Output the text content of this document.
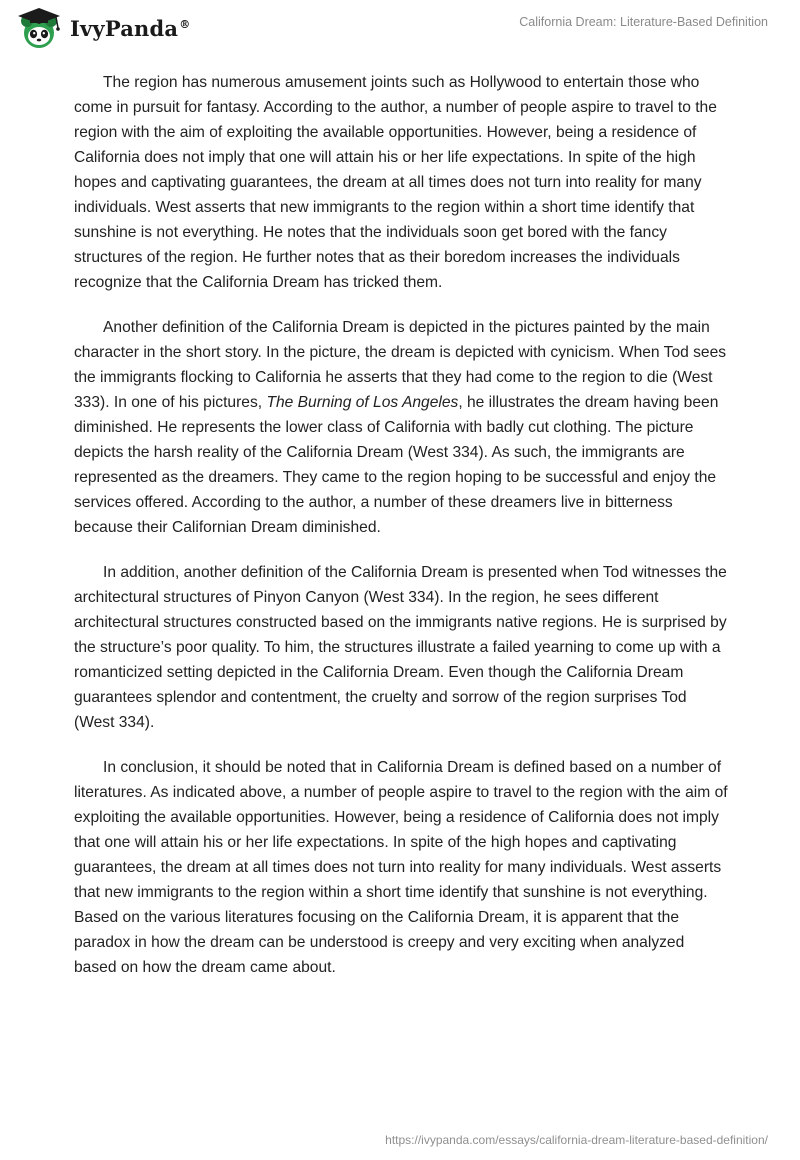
IvyPanda®	California Dream: Literature-Based Definition

The region has numerous amusement joints such as Hollywood to entertain those who come in pursuit for fantasy. According to the author, a number of people aspire to travel to the region with the aim of exploiting the available opportunities. However, being a residence of California does not imply that one will attain his or her life expectations. In spite of the high hopes and captivating guarantees, the dream at all times does not turn into reality for many individuals. West asserts that new immigrants to the region within a short time identify that sunshine is not everything. He notes that the individuals soon get bored with the fancy structures of the region. He further notes that as their boredom increases the individuals recognize that the California Dream has tricked them.

Another definition of the California Dream is depicted in the pictures painted by the main character in the short story. In the picture, the dream is depicted with cynicism. When Tod sees the immigrants flocking to California he asserts that they had come to the region to die (West 333). In one of his pictures, The Burning of Los Angeles, he illustrates the dream having been diminished. He represents the lower class of California with badly cut clothing. The picture depicts the harsh reality of the California Dream (West 334). As such, the immigrants are represented as the dreamers. They came to the region hoping to be successful and enjoy the services offered. According to the author, a number of these dreamers live in bitterness because their Californian Dream diminished.

In addition, another definition of the California Dream is presented when Tod witnesses the architectural structures of Pinyon Canyon (West 334). In the region, he sees different architectural structures constructed based on the immigrants native regions. He is surprised by the structure’s poor quality. To him, the structures illustrate a failed yearning to come up with a romanticized setting depicted in the California Dream. Even though the California Dream guarantees splendor and contentment, the cruelty and sorrow of the region surprises Tod (West 334).

In conclusion, it should be noted that in California Dream is defined based on a number of literatures. As indicated above, a number of people aspire to travel to the region with the aim of exploiting the available opportunities. However, being a residence of California does not imply that one will attain his or her life expectations. In spite of the high hopes and captivating guarantees, the dream at all times does not turn into reality for many individuals. West asserts that new immigrants to the region within a short time identify that sunshine is not everything. Based on the various literatures focusing on the California Dream, it is apparent that the paradox in how the dream can be understood is creepy and very exciting when analyzed based on how the dream came about.

https://ivypanda.com/essays/california-dream-literature-based-definition/
